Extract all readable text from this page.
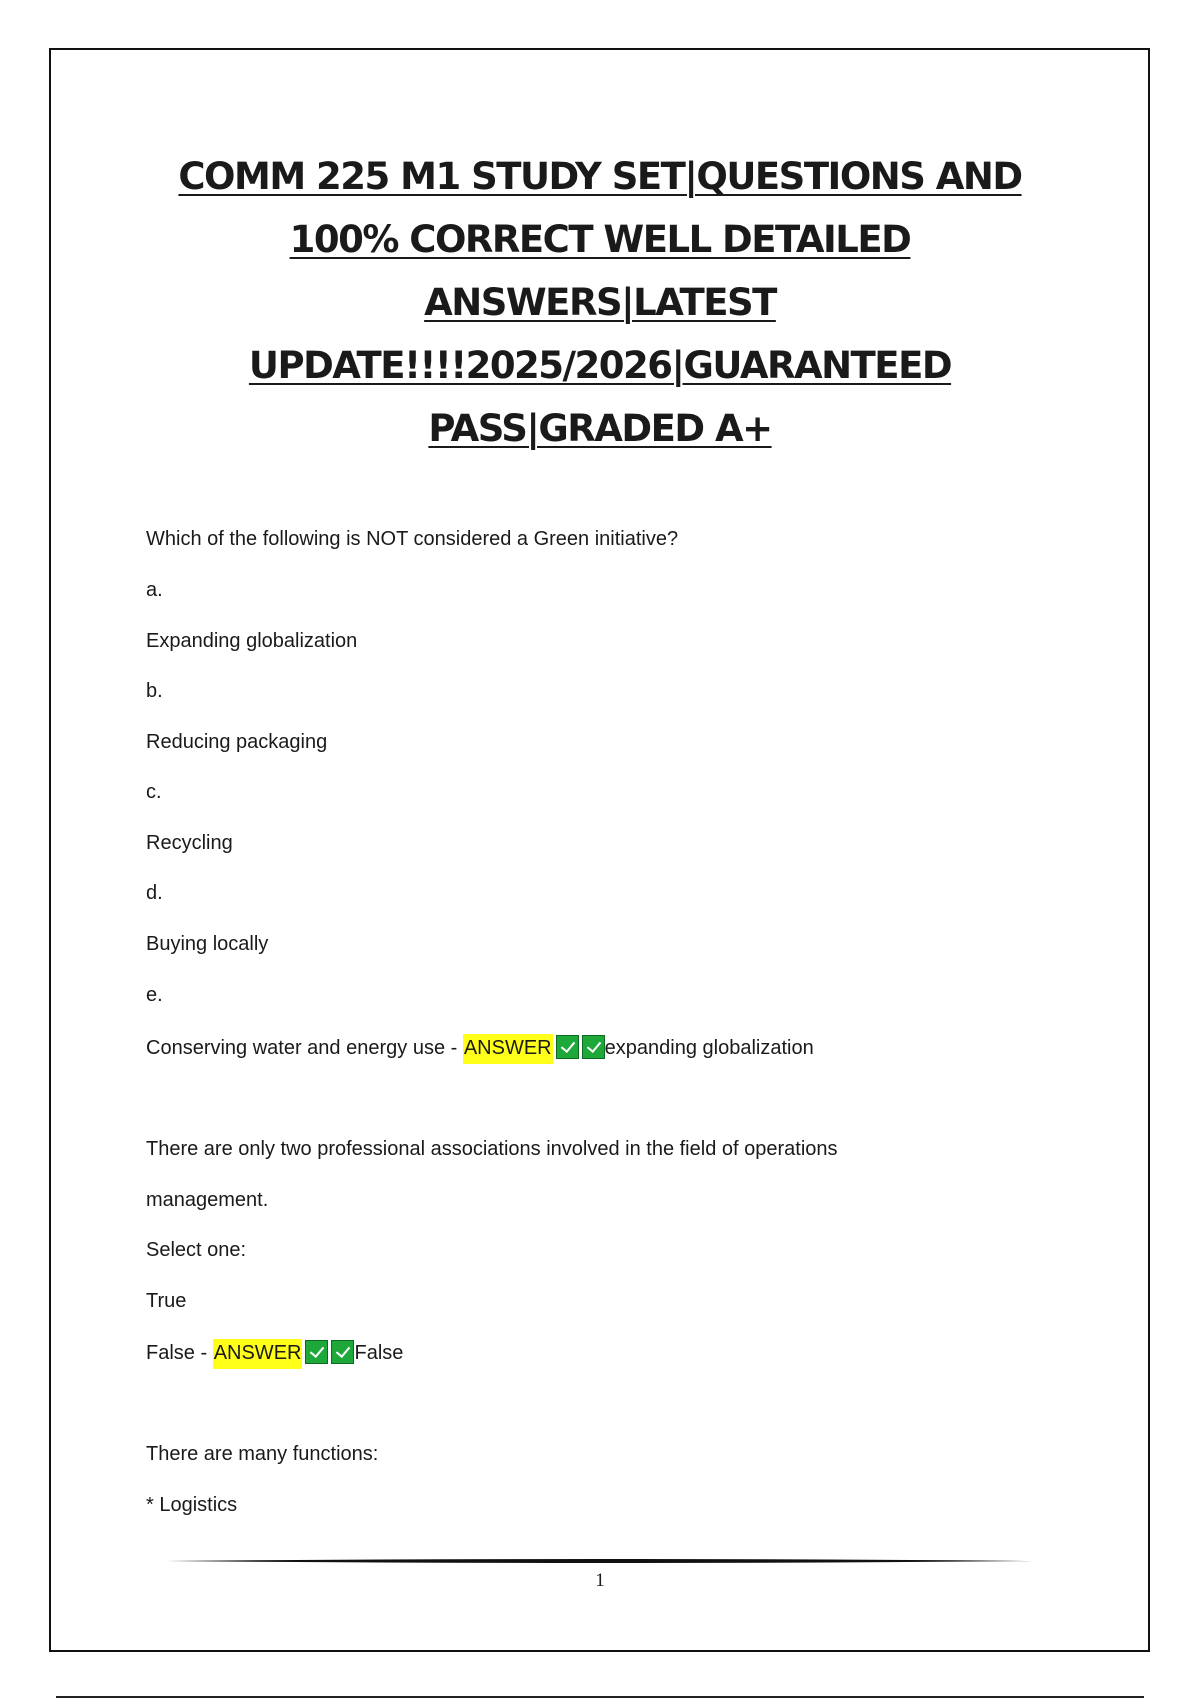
COMM 225 M1 STUDY SET|QUESTIONS AND
100% CORRECT WELL DETAILED
ANSWERS|LATEST
UPDATE!!!!2025/2026|GUARANTEED
PASS|GRADED A+
Which of the following is NOT considered a Green initiative?
a.
Expanding globalization
b.
Reducing packaging
c.
Recycling
d.
Buying locally
e.
Conserving water and energy use - ANSWER	expanding globalization
There are only two professional associations involved in the field of operations
management.
Select one:
True
False - ANSWER	False
There are many functions:
* Logistics
1
